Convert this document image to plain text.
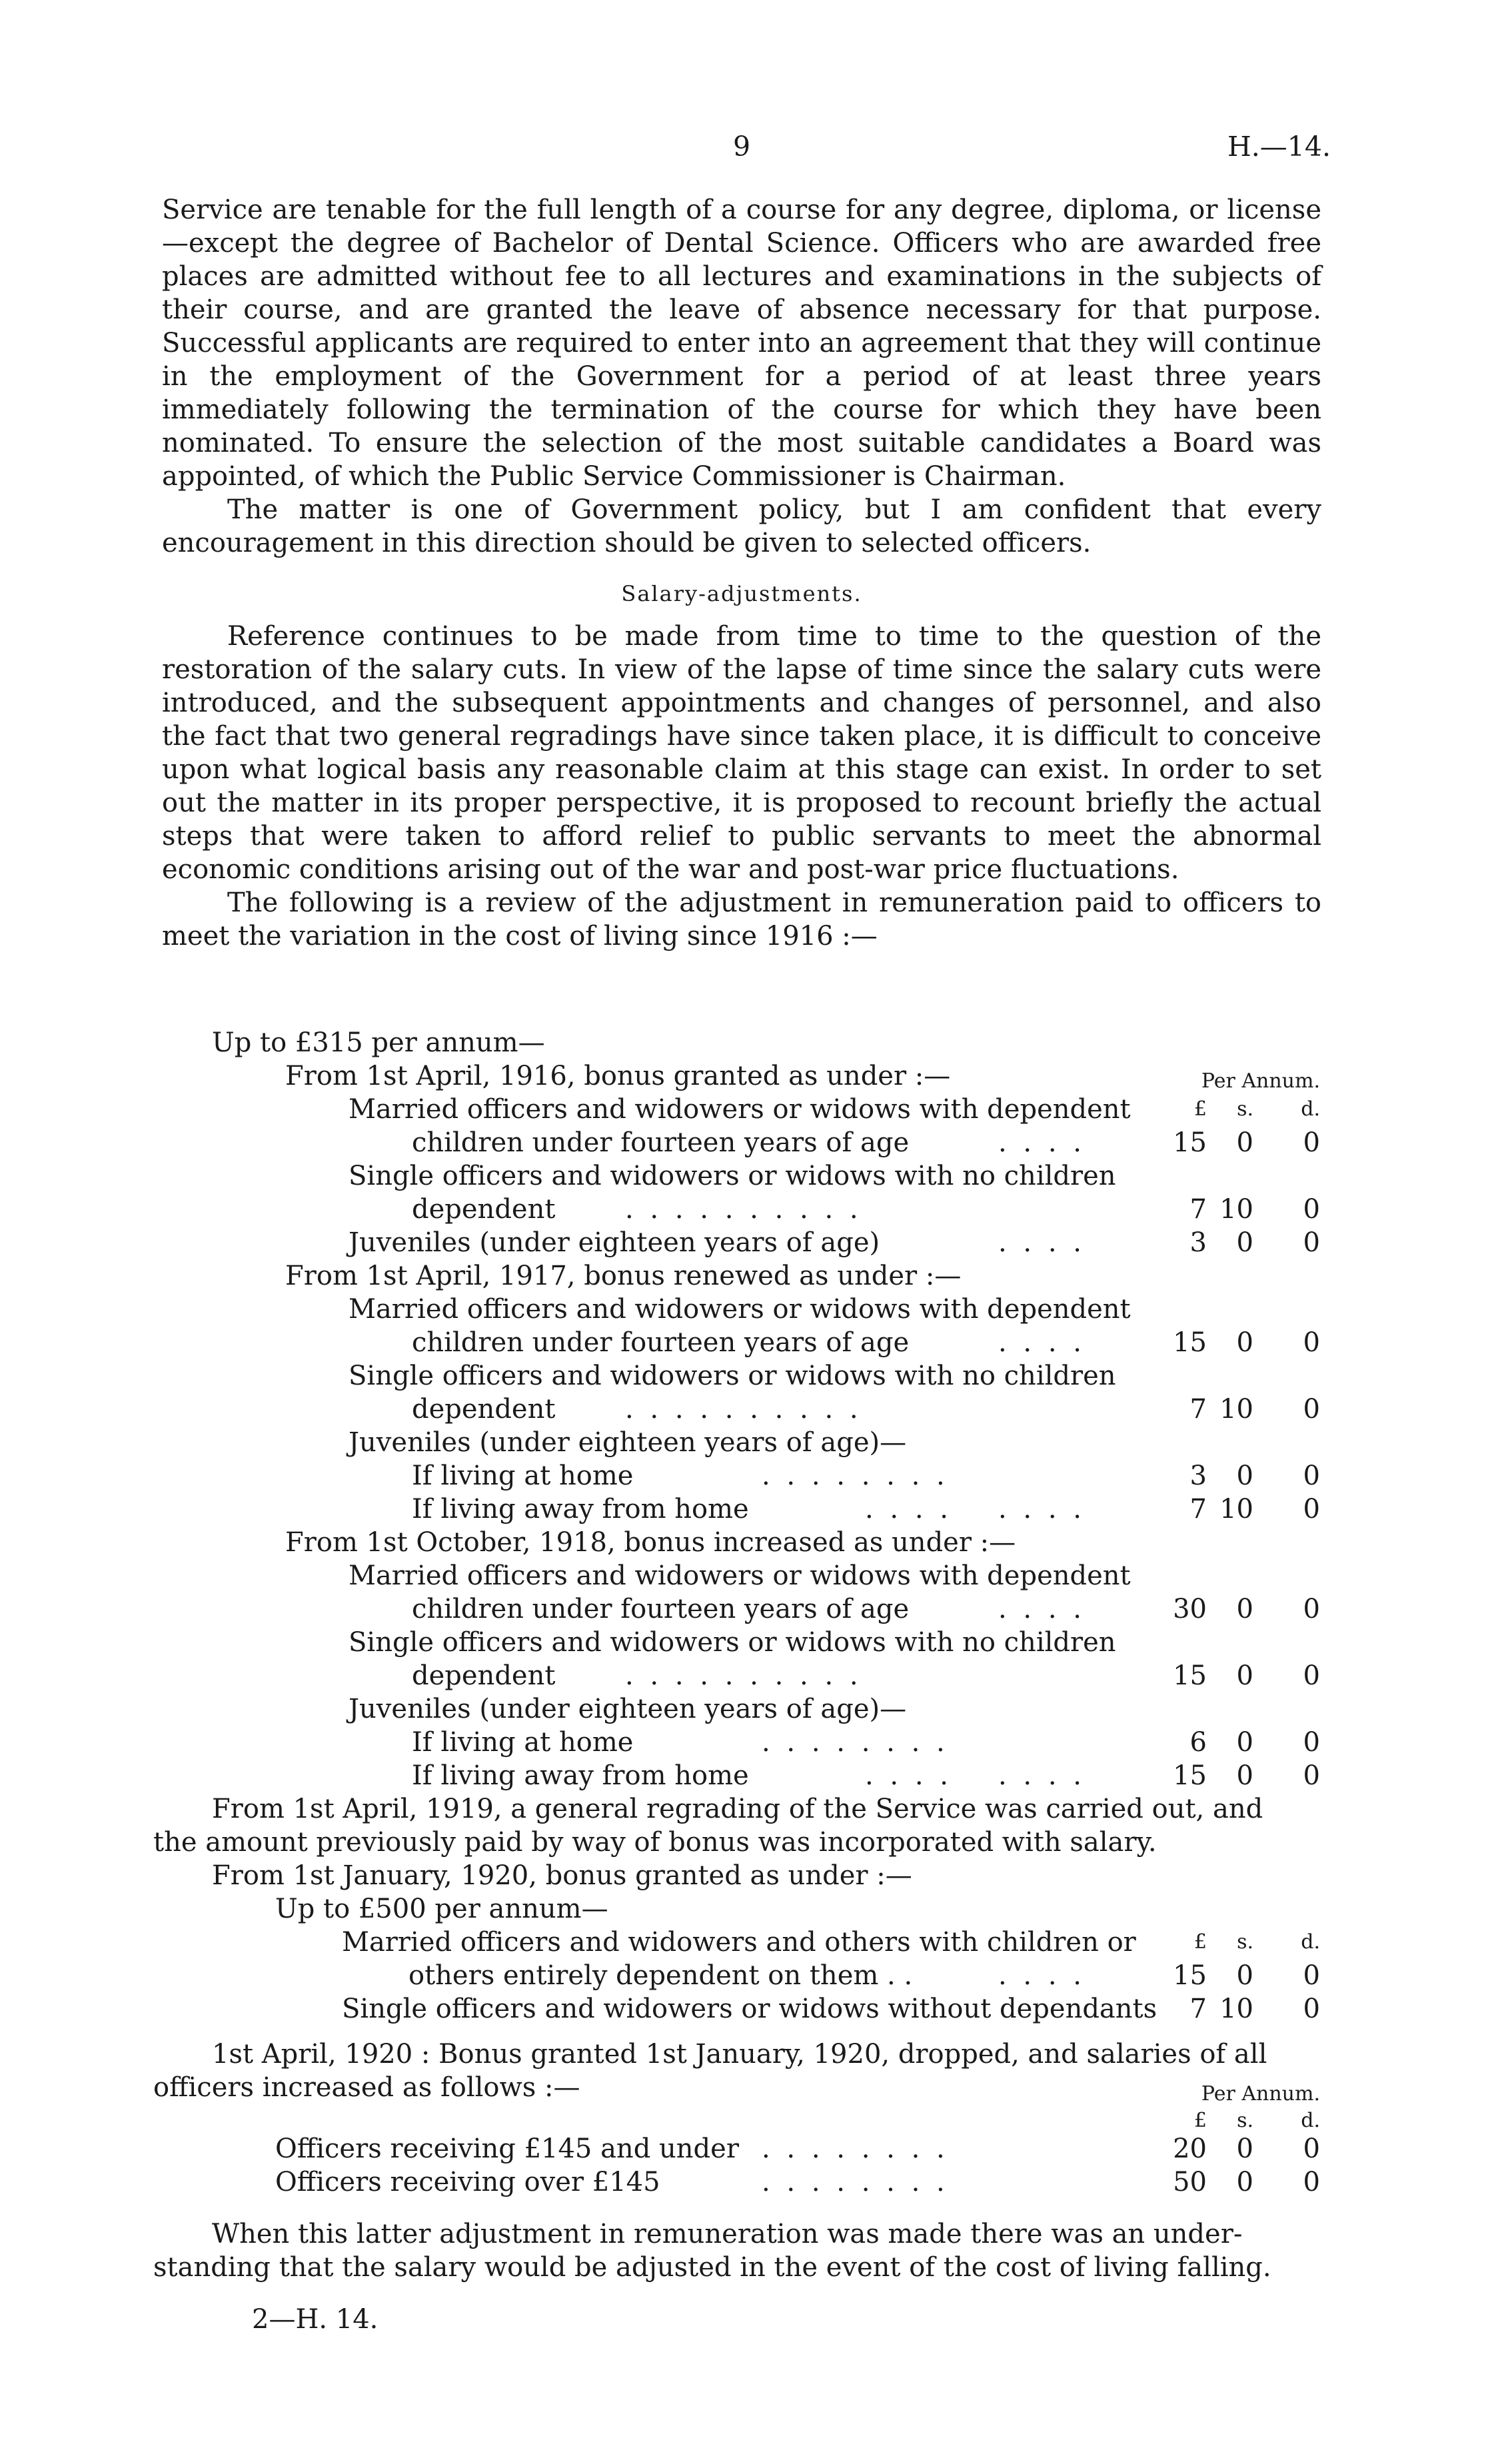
9	H.—14.

Service are tenable for the full length of a course for any degree, diploma, or license—except the degree of Bachelor of Dental Science. Officers who are awarded free places are admitted without fee to all lectures and examinations in the subjects of their course, and are granted the leave of absence necessary for that purpose. Successful applicants are required to enter into an agreement that they will continue in the employment of the Government for a period of at least three years immediately following the termination of the course for which they have been nominated. To ensure the selection of the most suitable candidates a Board was appointed, of which the Public Service Commissioner is Chairman.

The matter is one of Government policy, but I am confident that every encouragement in this direction should be given to selected officers.

Salary-adjustments.

Reference continues to be made from time to time to the question of the restoration of the salary cuts. In view of the lapse of time since the salary cuts were introduced, and the subsequent appointments and changes of personnel, and also the fact that two general regradings have since taken place, it is difficult to conceive upon what logical basis any reasonable claim at this stage can exist. In order to set out the matter in its proper perspective, it is proposed to recount briefly the actual steps that were taken to afford relief to public servants to meet the abnormal economic conditions arising out of the war and post-war price fluctuations.

The following is a review of the adjustment in remuneration paid to officers to meet the variation in the cost of living since 1916 :—

Up to £315 per annum—
From 1st April, 1916, bonus granted as under :—	Per Annum.
Married officers and widowers or widows with dependent	£	s.	d.
children under fourteen years of age	. . . .	15	0	0
Single officers and widowers or widows with no children
dependent	. . . . . . . . . .	7 10	0
Juveniles (under eighteen years of age)	. . . .	3	0	0
From 1st April, 1917, bonus renewed as under :—
Married officers and widowers or widows with dependent
children under fourteen years of age	. . . .	15	0	0
Single officers and widowers or widows with no children
dependent	. . . . . . . . . .	7 10	0
Juveniles (under eighteen years of age)—
If living at home	. . . . . . . .	3	0	0
If living away from home	. . . . . . . .	7 10	0
From 1st October, 1918, bonus increased as under :—
Married officers and widowers or widows with dependent
children under fourteen years of age	. . . .	30	0	0
Single officers and widowers or widows with no children
dependent	. . . . . . . . . .	15	0	0
Juveniles (under eighteen years of age)—
If living at home	. . . . . . . .	6	0	0
If living away from home	. . . . . . . .	15	0	0
From 1st April, 1919, a general regrading of the Service was carried out, and
the amount previously paid by way of bonus was incorporated with salary.
From 1st January, 1920, bonus granted as under :—
Up to £500 per annum—
Married officers and widowers and others with children or	£	s.	d.
others entirely dependent on them . .	. . . .	15	0	0
Single officers and widowers or widows without dependants	7 10	0
1st April, 1920 : Bonus granted 1st January, 1920, dropped, and salaries of all
officers increased as follows :—	Per Annum.
£	s.	d.
Officers receiving £145 and under . . . . . . . .	20	0	0
Officers receiving over £145	. . . . . . . .	50	0	0
When this latter adjustment in remuneration was made there was an under-
standing that the salary would be adjusted in the event of the cost of living falling.
2—H. 14.
